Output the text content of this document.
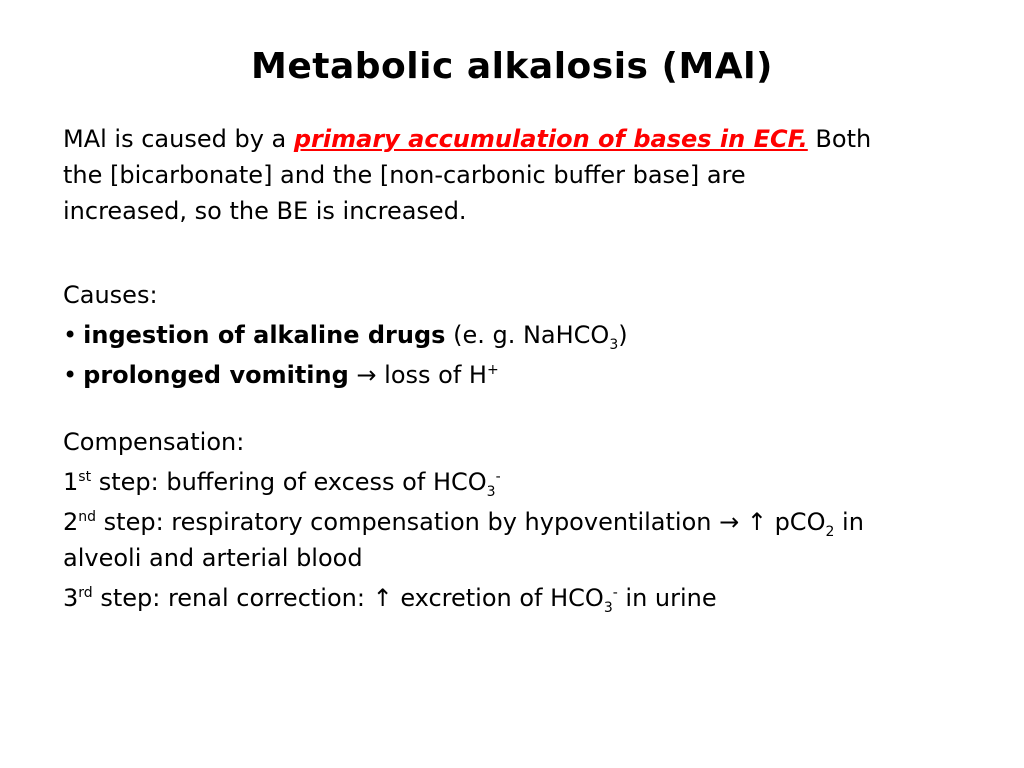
Metabolic alkalosis (MAl)

MAl is caused by a primary accumulation of bases in ECF. Both

the [bicarbonate] and the [non-carbonic buffer base] are

increased, so the BE is increased.

Causes:

• ingestion of alkaline drugs (e. g. NaHCO$_3$)

• prolonged vomiting → loss of H+

Compensation:

1st step: buffering of excess of $HCO_3^-$

2nd step: respiratory compensation by hypoventilation → ↑ pCO$_2$ in
alveoli and arterial blood

3rd step: renal correction: ↑ excretion of $HCO_3^-$ in urine
